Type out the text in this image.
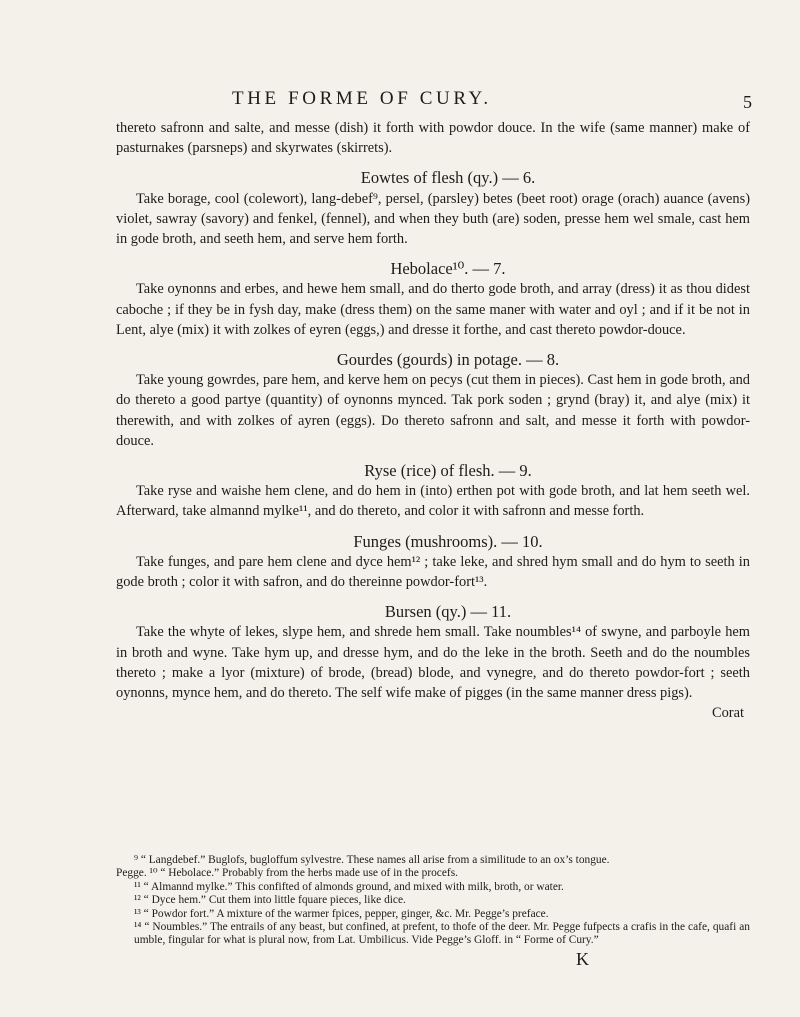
THE FORME OF CURY.	5

thereto safronn and salte, and messe (dish) it forth with powdor douce. In the wife (same manner) make of pasturnakes (parsneps) and skyrwates (skirrets).

Eowtes of flesh (qy.) — 6.

Take borage, cool (colewort), lang-debef⁹, persel, (parsley) betes (beet root) orage (orach) auance (avens) violet, sawray (savory) and fenkel, (fennel), and when they buth (are) soden, presse hem wel smale, cast hem in gode broth, and seeth hem, and serve hem forth.

Hebolace¹⁰. — 7.

Take oynonns and erbes, and hewe hem small, and do therto gode broth, and array (dress) it as thou didest caboche ; if they be in fysh day, make (dress them) on the same maner with water and oyl ; and if it be not in Lent, alye (mix) it with zolkes of eyren (eggs,) and dresse it forthe, and cast thereto powdor-douce.

Gourdes (gourds) in potage. — 8.

Take young gowrdes, pare hem, and kerve hem on pecys (cut them in pieces). Cast hem in gode broth, and do thereto a good partye (quantity) of oynonns mynced. Tak pork soden ; grynd (bray) it, and alye (mix) it therewith, and with zolkes of ayren (eggs). Do thereto safronn and salt, and messe it forth with powdor-douce.

Ryse (rice) of flesh. — 9.

Take ryse and waishe hem clene, and do hem in (into) erthen pot with gode broth, and lat hem seeth wel. Afterward, take almannd mylke¹¹, and do thereto, and color it with safronn and messe forth.

Funges (mushrooms). — 10.

Take funges, and pare hem clene and dyce hem¹² ; take leke, and shred hym small and do hym to seeth in gode broth ; color it with safron, and do thereinne powdor-fort¹³.

Bursen (qy.) — 11.

Take the whyte of lekes, slype hem, and shrede hem small. Take noumbles¹⁴ of swyne, and parboyle hem in broth and wyne. Take hym up, and dresse hym, and do the leke in the broth. Seeth and do the noumbles thereto ; make a lyor (mixture) of brode, (bread) blode, and vynegre, and do thereto powdor-fort ; seeth oynonns, mynce hem, and do thereto. The self wife make of pigges (in the same manner dress pigs).

Corat

⁹ “ Langdebef.” Buglofs, bugloffum sylvestre. These names all arise from a similitude to an ox’s tongue.

Pegge. ¹⁰ “ Hebolace.” Probably from the herbs made use of in the procefs.

¹¹ “ Almannd mylke.” This confifted of almonds ground, and mixed with milk, broth, or water.

¹² “ Dyce hem.” Cut them into little fquare pieces, like dice.

¹³ “ Powdor fort.” A mixture of the warmer fpices, pepper, ginger, &c. Mr. Pegge’s preface.

¹⁴ “ Noumbles.” The entrails of any beast, but confined, at prefent, to thofe of the deer. Mr. Pegge fufpects a crafis in the cafe, quafi an umble, fingular for what is plural now, from Lat. Umbilicus. Vide Pegge’s Gloff. in “ Forme of Cury.”

K
